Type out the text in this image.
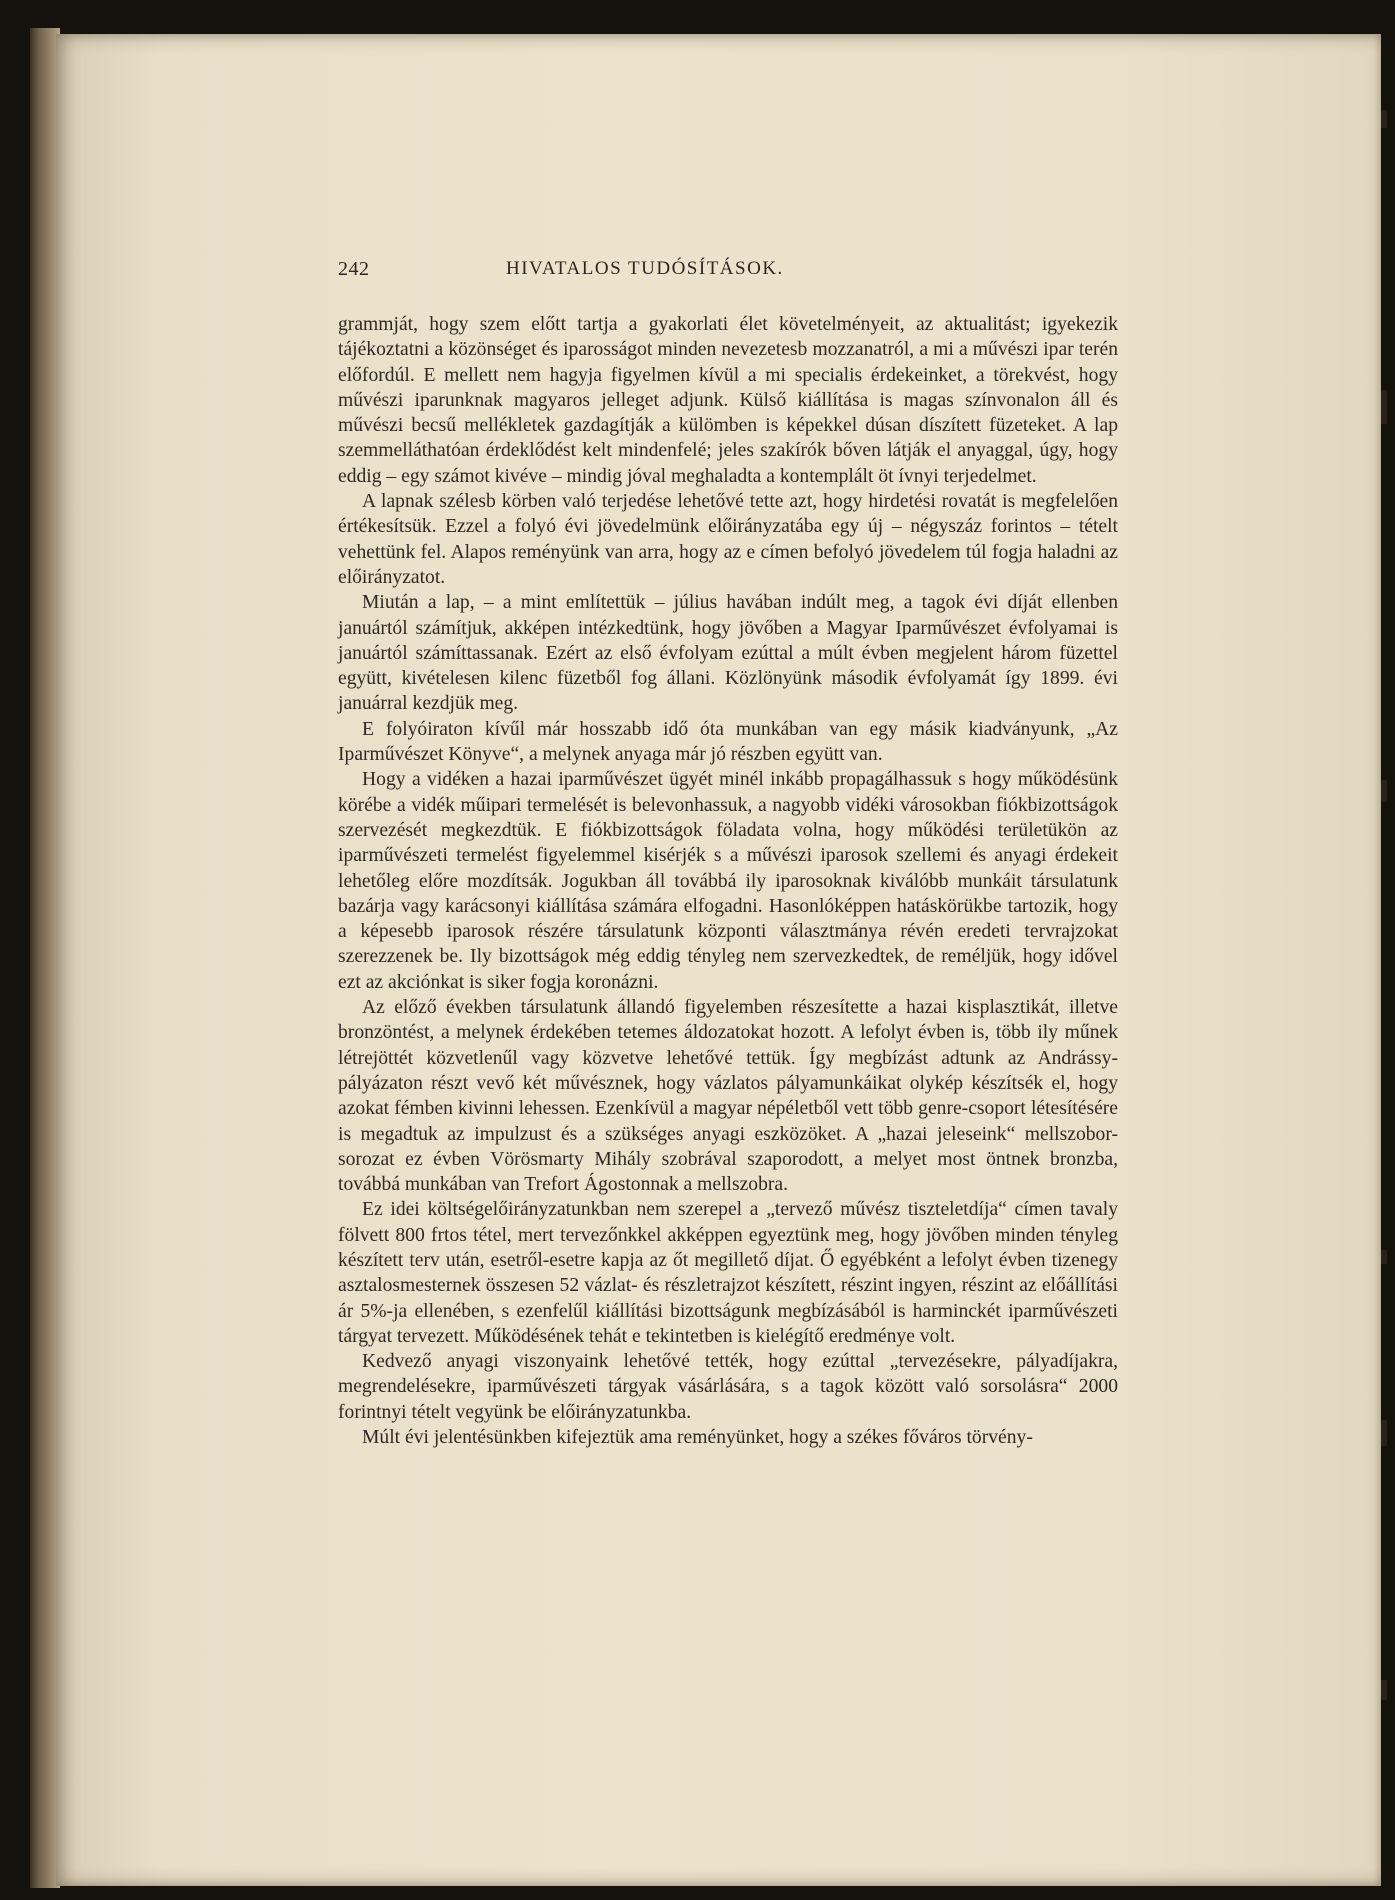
242	HIVATALOS TUDÓSÍTÁSOK.

grammját, hogy szem előtt tartja a gyakorlati élet követelményeit, az aktualitást; igyekezik tájékoztatni a közönséget és iparosságot minden nevezetesb mozzanatról, a mi a művészi ipar terén előfordúl. E mellett nem hagyja figyelmen kívül a mi specialis érdekeinket, a törekvést, hogy művészi iparunknak magyaros jelleget adjunk. Külső kiállítása is magas színvonalon áll és művészi becsű mellékletek gazdagítják a külömben is képekkel dúsan díszített füzeteket. A lap szemmelláthatóan érdeklődést kelt mindenfelé; jeles szakírók bőven látják el anyaggal, úgy, hogy eddig – egy számot kivéve – mindig jóval meghaladta a kontemplált öt ívnyi terjedelmet.

A lapnak szélesb körben való terjedése lehetővé tette azt, hogy hirdetési rovatát is megfelelően értékesítsük. Ezzel a folyó évi jövedelmünk előirányzatába egy új – négyszáz forintos – tételt vehettünk fel. Alapos reményünk van arra, hogy az e címen befolyó jövedelem túl fogja haladni az előirányzatot.

Miután a lap, – a mint említettük – július havában indúlt meg, a tagok évi díját ellenben januártól számítjuk, akképen intézkedtünk, hogy jövőben a Magyar Iparművészet évfolyamai is januártól számíttassanak. Ezért az első évfolyam ezúttal a múlt évben megjelent három füzettel együtt, kivételesen kilenc füzetből fog állani. Közlönyünk második évfolyamát így 1899. évi januárral kezdjük meg.

E folyóiraton kívűl már hosszabb idő óta munkában van egy másik kiadványunk, „Az Iparművészet Könyve“, a melynek anyaga már jó részben együtt van.

Hogy a vidéken a hazai iparművészet ügyét minél inkább propagálhassuk s hogy működésünk körébe a vidék műipari termelését is belevonhassuk, a nagyobb vidéki városokban fiókbizottságok szervezését megkezdtük. E fiókbizottságok föladata volna, hogy működési területükön az iparművészeti termelést figyelemmel kisérjék s a művészi iparosok szellemi és anyagi érdekeit lehetőleg előre mozdítsák. Jogukban áll továbbá ily iparosoknak kiválóbb munkáit társulatunk bazárja vagy karácsonyi kiállítása számára elfogadni. Hasonlóképpen hatáskörükbe tartozik, hogy a képesebb iparosok részére társulatunk központi választmánya révén eredeti tervrajzokat szerezzenek be. Ily bizottságok még eddig tényleg nem szervezkedtek, de reméljük, hogy idővel ezt az akciónkat is siker fogja koronázni.

Az előző években társulatunk állandó figyelemben részesítette a hazai kisplasztikát, illetve bronzöntést, a melynek érdekében tetemes áldozatokat hozott. A lefolyt évben is, több ily műnek létrejöttét közvetlenűl vagy közvetve lehetővé tettük. Így megbízást adtunk az Andrássy-pályázaton részt vevő két művésznek, hogy vázlatos pályamunkáikat olykép készítsék el, hogy azokat fémben kivinni lehessen. Ezenkívül a magyar népéletből vett több genre-csoport létesítésére is megadtuk az impulzust és a szükséges anyagi eszközöket. A „hazai jeleseink“ mellszobor-sorozat ez évben Vörösmarty Mihály szobrával szaporodott, a melyet most öntnek bronzba, továbbá munkában van Trefort Ágostonnak a mellszobra.

Ez idei költségelőirányzatunkban nem szerepel a „tervező művész tiszteletdíja“ címen tavaly fölvett 800 frtos tétel, mert tervezőnkkel akképpen egyeztünk meg, hogy jövőben minden tényleg készített terv után, esetről-esetre kapja az őt megillető díjat. Ő egyébként a lefolyt évben tizenegy asztalosmesternek összesen 52 vázlat- és részletrajzot készített, részint ingyen, részint az előállítási ár 5%-ja ellenében, s ezenfelűl kiállítási bizottságunk megbízásából is harminckét iparművészeti tárgyat tervezett. Működésének tehát e tekintetben is kielégítő eredménye volt.

Kedvező anyagi viszonyaink lehetővé tették, hogy ezúttal „tervezésekre, pályadíjakra, megrendelésekre, iparművészeti tárgyak vásárlására, s a tagok között való sorsolásra“ 2000 forintnyi tételt vegyünk be előirányzatunkba.

Múlt évi jelentésünkben kifejeztük ama reményünket, hogy a székes főváros törvény-
